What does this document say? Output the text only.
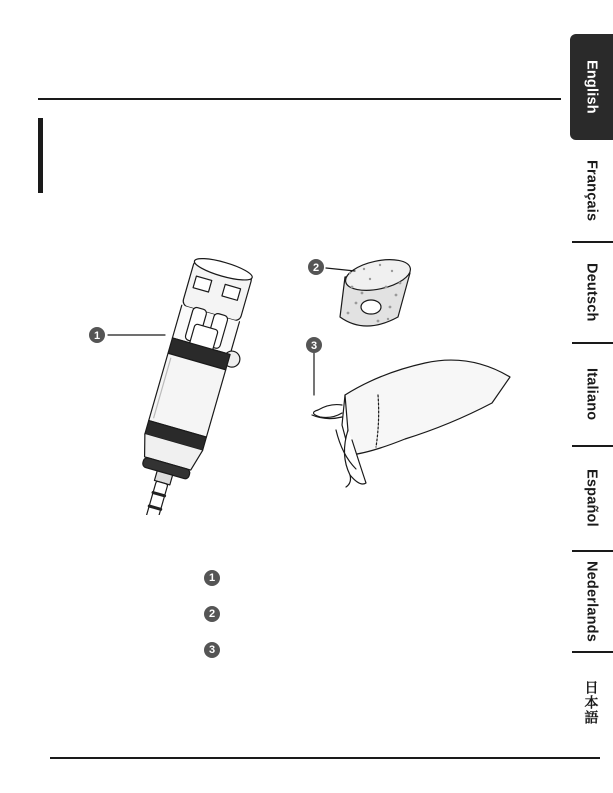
English
Français
Deutsch
Italiano
Español
Nederlands
日本語
1
2
3
1
2
3
